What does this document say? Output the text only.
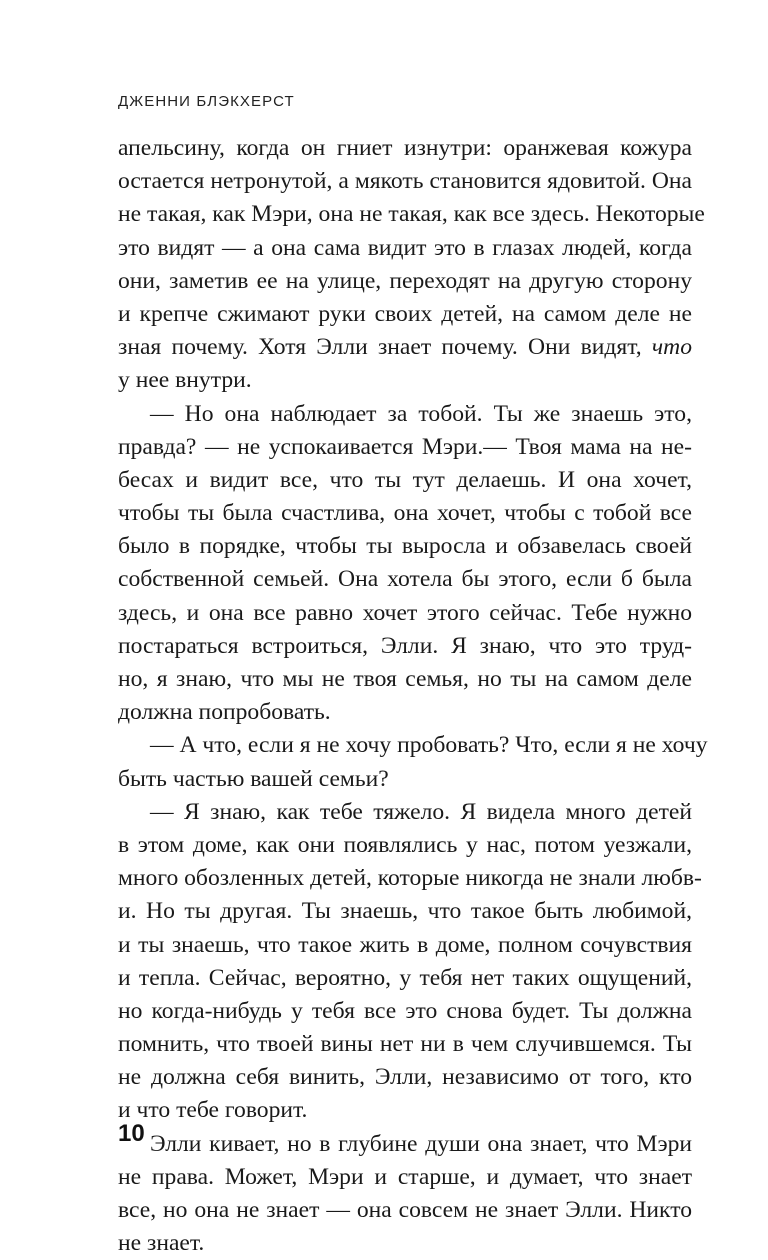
ДЖЕННИ БЛЭКХЕРСТ
апельсину, когда он гниет изнутри: оранжевая кожура
остается нетронутой, а мякоть становится ядовитой. Она
не такая, как Мэри, она не такая, как все здесь. Некоторые
это видят — а она сама видит это в глазах людей, когда
они, заметив ее на улице, переходят на другую сторону
и крепче сжимают руки своих детей, на самом деле не
зная почему. Хотя Элли знает почему. Они видят, что
у нее внутри.
— Но она наблюдает за тобой. Ты же знаешь это,
правда? — не успокаивается Мэри.— Твоя мама на не-
бесах и видит все, что ты тут делаешь. И она хочет,
чтобы ты была счастлива, она хочет, чтобы с тобой все
было в порядке, чтобы ты выросла и обзавелась своей
собственной семьей. Она хотела бы этого, если б была
здесь, и она все равно хочет этого сейчас. Тебе нужно
постараться встроиться, Элли. Я знаю, что это труд-
но, я знаю, что мы не твоя семья, но ты на самом деле
должна попробовать.
— А что, если я не хочу пробовать? Что, если я не хочу
быть частью вашей семьи?
— Я знаю, как тебе тяжело. Я видела много детей
в этом доме, как они появлялись у нас, потом уезжали,
много обозленных детей, которые никогда не знали любв-
и. Но ты другая. Ты знаешь, что такое быть любимой,
и ты знаешь, что такое жить в доме, полном сочувствия
и тепла. Сейчас, вероятно, у тебя нет таких ощущений,
но когда-нибудь у тебя все это снова будет. Ты должна
помнить, что твоей вины нет ни в чем случившемся. Ты
не должна себя винить, Элли, независимо от того, кто
и что тебе говорит.
Элли кивает, но в глубине души она знает, что Мэри
не права. Может, Мэри и старше, и думает, что знает
все, но она не знает — она совсем не знает Элли. Никто
не знает.
10
